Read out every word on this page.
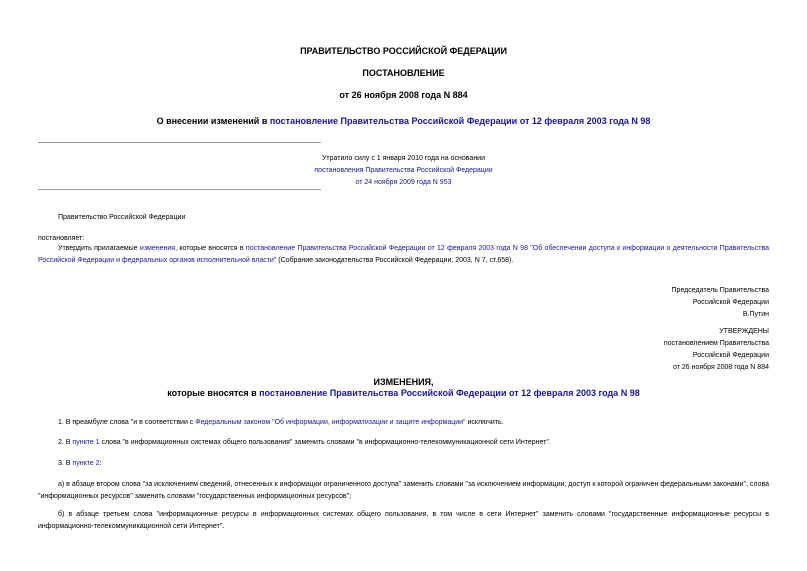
ПРАВИТЕЛЬСТВО РОССИЙСКОЙ ФЕДЕРАЦИИ
ПОСТАНОВЛЕНИЕ
от 26 ноября 2008 года N 884
О внесении изменений в постановление Правительства Российской Федерации от 12 февраля 2003 года N 98
Утратило силу с 1 января 2010 года на основании
постановления Правительства Российской Федерации
от 24 ноября 2009 года N 953
Правительство Российской Федерации
постановляет:
Утвердить прилагаемые изменения, которые вносятся в постановление Правительства Российской Федерации от 12 февраля 2003 года N 98 "Об обеспечении доступа к информации о деятельности Правительства Российской Федерации и федеральных органов исполнительной власти" (Собрание законодательства Российской Федерации, 2003, N 7, ст.658).
Председатель Правительства
Российской Федерации
В.Путин
УТВЕРЖДЕНЫ
постановлением Правительства
Российской Федерации
от 26 ноября 2008 года N 884
ИЗМЕНЕНИЯ,
которые вносятся в постановление Правительства Российской Федерации от 12 февраля 2003 года N 98
1. В преамбуле слова "и в соответствии с Федеральным законом "Об информации, информатизации и защите информации" исключить.
2. В пункте 1 слова "в информационных системах общего пользования" заменить словами "в информационно-телекоммуникационной сети Интернет".
3. В пункте 2:
а) в абзаце втором слова "за исключением сведений, отнесенных к информации ограниченного доступа" заменить словами "за исключением информации, доступ к которой ограничен федеральными законами", слова "информационных ресурсов" заменить словами "государственных информационных ресурсов";
б) в абзаце третьем слова "информационные ресурсы в информационных системах общего пользования, в том числе в сети Интернет" заменить словами "государственные информационные ресурсы в информационно-телекоммуникационной сети Интернет".
